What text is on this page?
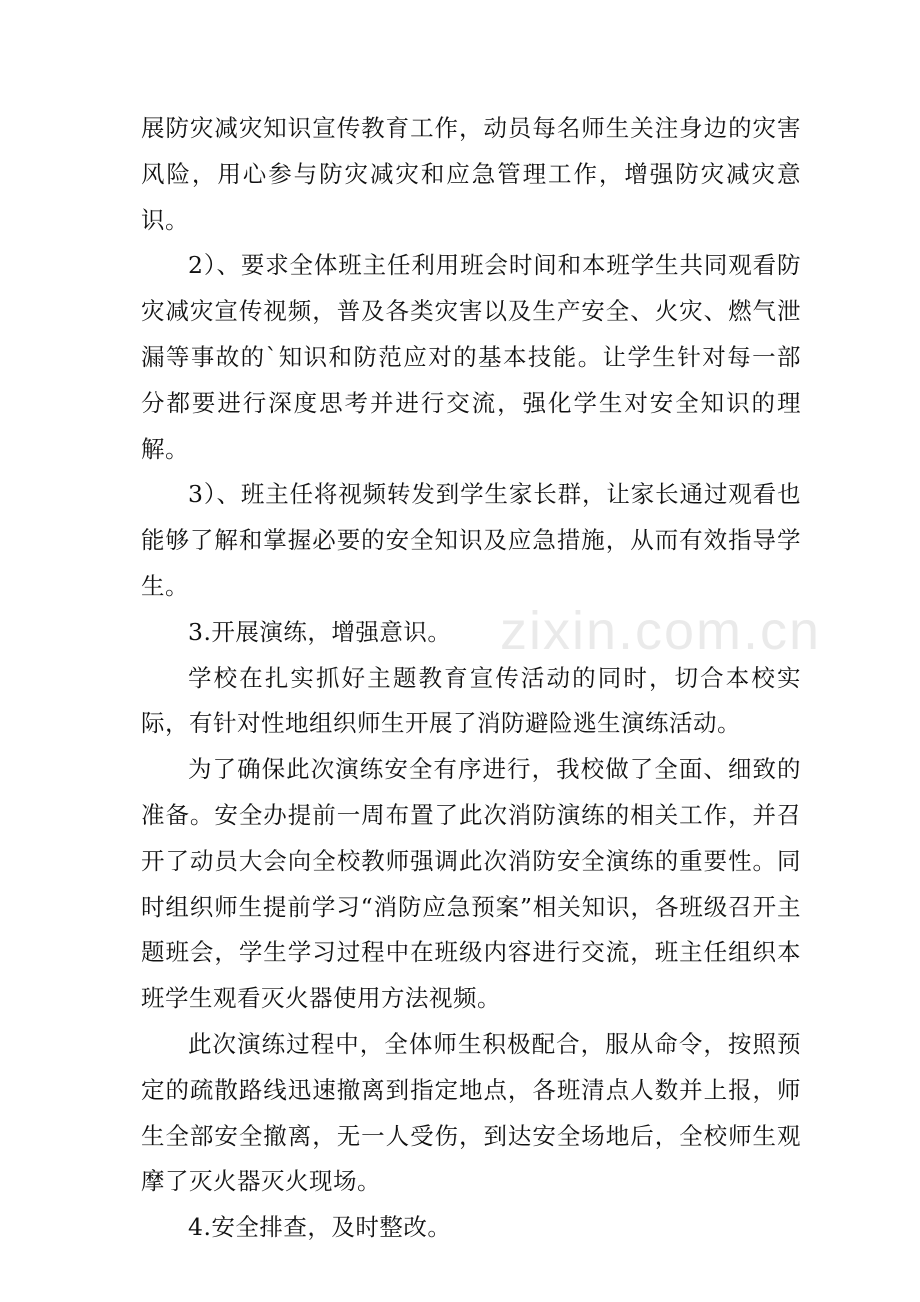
展防灾减灾知识宣传教育工作，动员每名师生关注身边的灾害风险，用心参与防灾减灾和应急管理工作，增强防灾减灾意识。

2）、要求全体班主任利用班会时间和本班学生共同观看防灾减灾宣传视频，普及各类灾害以及生产安全、火灾、燃气泄漏等事故的`知识和防范应对的基本技能。让学生针对每一部分都要进行深度思考并进行交流，强化学生对安全知识的理解。

3）、班主任将视频转发到学生家长群，让家长通过观看也能够了解和掌握必要的安全知识及应急措施，从而有效指导学生。

3.开展演练，增强意识。

学校在扎实抓好主题教育宣传活动的同时，切合本校实际，有针对性地组织师生开展了消防避险逃生演练活动。

为了确保此次演练安全有序进行，我校做了全面、细致的准备。安全办提前一周布置了此次消防演练的相关工作，并召开了动员大会向全校教师强调此次消防安全演练的重要性。同时组织师生提前学习“消防应急预案”相关知识，各班级召开主题班会，学生学习过程中在班级内容进行交流，班主任组织本班学生观看灭火器使用方法视频。

此次演练过程中，全体师生积极配合，服从命令，按照预定的疏散路线迅速撤离到指定地点，各班清点人数并上报，师生全部安全撤离，无一人受伤，到达安全场地后，全校师生观摩了灭火器灭火现场。

4.安全排查，及时整改。

zixin.com.cn
